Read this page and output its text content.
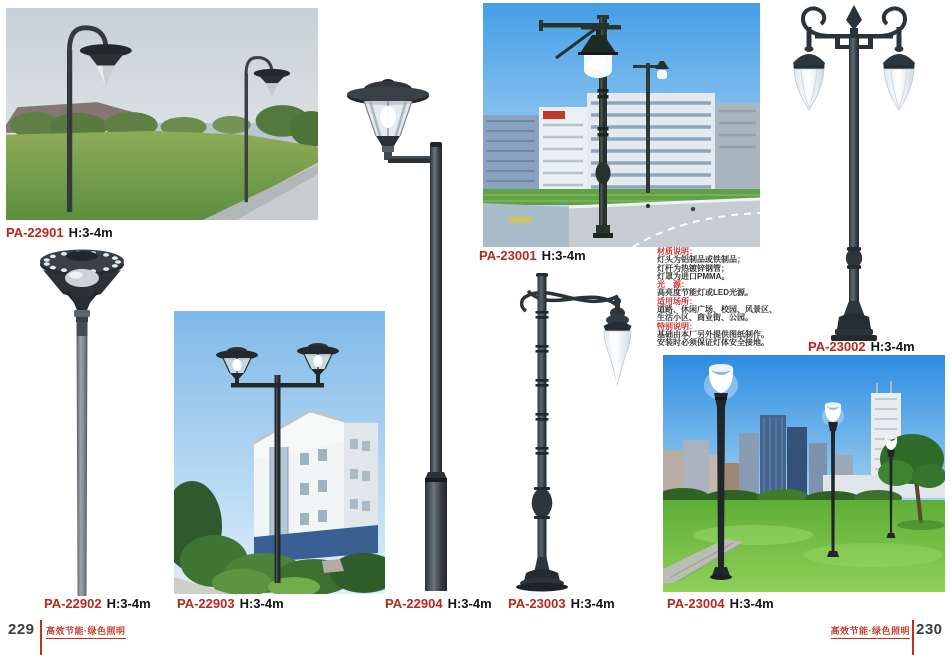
PA-22901 H:3-4m
PA-22902 H:3-4m PA-22903 H:3-4m	PA-22904 H:3-4m
PA-23001 H:3-4m	材质说明：
灯头为铝制品或铁制品；
灯杆为热镀锌钢管；
灯罩为进口PMMA。
光　源：
高亮度节能灯或LED光源。
适用场所：
道路、休闲广场、校园、风景区、
生活小区、商业街、公园。
特别说明：
基础由本厂另外提供图纸制作。
安装时必须保证灯体安全接地。	PA-23002 H:3-4m
PA-23003 H:3-4m	PA-23004 H:3-4m
229 高效节能·绿色照明	高效节能·绿色照明 230
